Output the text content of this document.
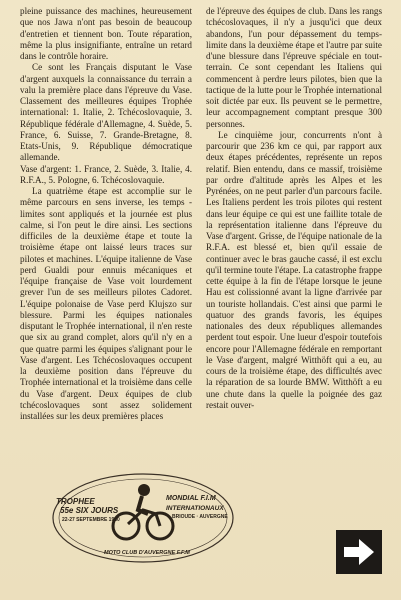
pleine puissance des machines, heureusement que nos Jawa n'ont pas besoin de beaucoup d'entretien et tiennent bon. Toute réparation, même la plus insignifiante, entraîne un retard dans le contrôle horaire.

Ce sont les Français disputant le Vase d'argent auxquels la connaissance du terrain a valu la première place dans l'épreuve du Vase. Classement des meilleures équipes Trophée international: 1. Italie, 2. Tchécoslovaquie, 3. République fédérale d'Allemagne, 4. Suède, 5. France, 6. Suisse, 7. Grande-Bretagne, 8. Etats-Unis, 9. République démocratique allemande.

Vase d'argent: 1. France, 2. Suède, 3. Italie, 4. R.F.A., 5. Pologne, 6. Tchécoslovaquie.

La quatrième étape est accomplie sur le même parcours en sens inverse, les temps -limites sont appliqués et la journée est plus calme, si l'on peut le dire ainsi. Les sections difficiles de la deuxième étape et toute la troisième étape ont laissé leurs traces sur pilotes et machines. L'équipe italienne de Vase perd Gualdi pour ennuis mécaniques et l'équipe française de Vase voit lourdement grever l'un de ses meilleurs pilotes Cadoret. L'équipe polonaise de Vase perd Klujszo sur blessure. Parmi les équipes nationales disputant le Trophée international, il n'en reste que six au grand complet, alors qu'il n'y en a que quatre parmi les équipes s'alignant pour le Vase d'argent. Les Tchécoslovaques occupent la deuxième position dans l'épreuve du Trophée international et la troisième dans celle du Vase d'argent. Deux équipes de club tchécoslovaques sont assez solidement installées sur les deux premières places

de l'épreuve des équipes de club. Dans les rangs tchécoslovaques, il n'y a jusqu'ici que deux abandons, l'un pour dépassement du temps-limite dans la deuxième étape et l'autre par suite d'une blessure dans l'épreuve spéciale en tout-terrain. Ce sont cependant les Italiens qui commencent à perdre leurs pilotes, bien que la tactique de la lutte pour le Trophée international soit dictée par eux. Ils peuvent se le permettre, leur accompagnement comptant presque 300 personnes.

Le cinquième jour, concurrents n'ont à parcourir que 236 km ce qui, par rapport aux deux étapes précédentes, représente un repos relatif. Bien entendu, dans ce massif, troisième par ordre d'altitude après les Alpes et les Pyrénées, on ne peut parler d'un parcours facile. Les Italiens perdent les trois pilotes qui restent dans leur équipe ce qui est une faillite totale de la représentation italienne dans l'épreuve du Vase d'argent. Grisse, de l'équipe nationale de la R.F.A. est blessé et, bien qu'il essaie de continuer avec le bras gauche cassé, il est exclu qu'il termine toute l'étape. La catastrophe frappe cette équipe à la fin de l'étape lorsque le jeune Hau est colissionné avant la ligne d'arrivée par un touriste hollandais. C'est ainsi que parmi le quatuor des grands favoris, les équipes nationales des deux républiques allemandes perdent tout espoir. Une lueur d'espoir toutefois encore pour l'Allemagne fédérale en remportant le Vase d'argent, malgré Witthöft qui a eu, au cours de la troisième étape, des difficultés avec la réparation de sa lourde BMW. Witthöft a eu une chute dans la quelle la poignée des gaz restait ouver-

TROPHEE	MONDIAL F.I.M
55e SIX JOURS	INTERNATIONAUX
22-27 SEPTEMBRE 1980	BRIOUDE · AUVERGNE
MOTO CLUB D'AUVERGNE F.F.M
